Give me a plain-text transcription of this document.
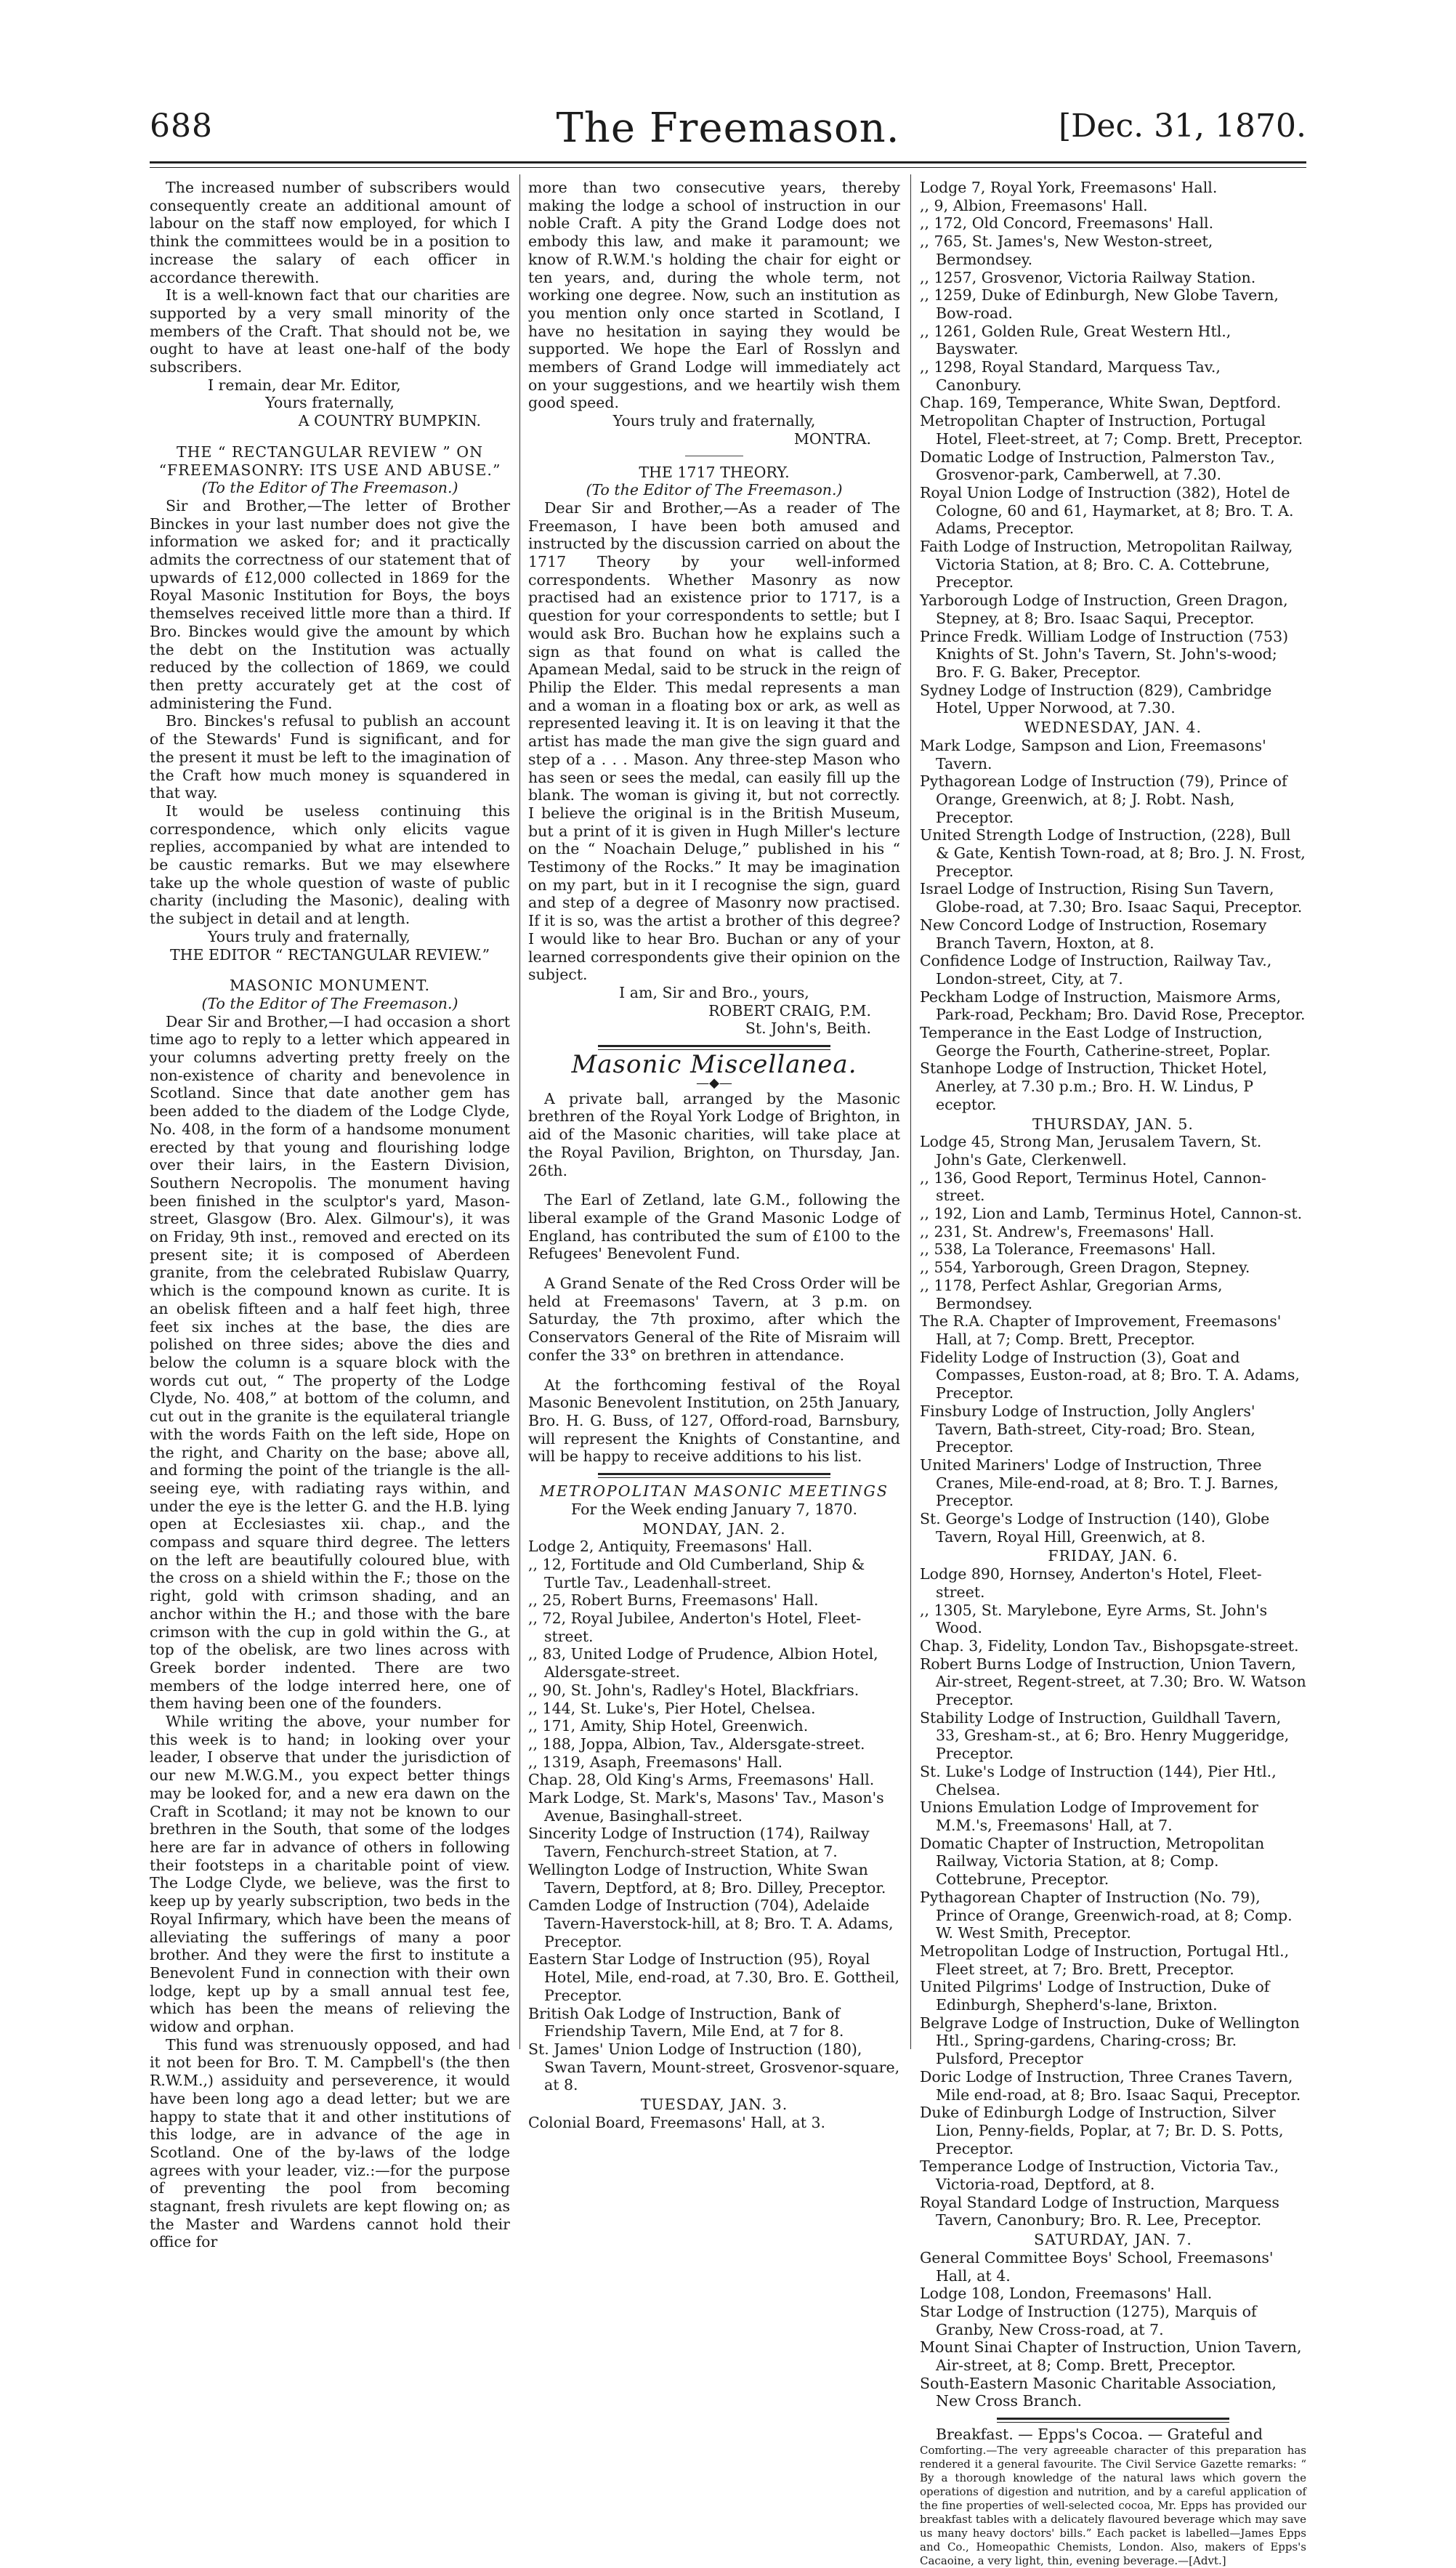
688	The Freemason.	[Dec. 31, 1870.

The increased number of subscribers would consequently create an additional amount of labour on the staff now employed, for which I think the committees would be in a position to increase the salary of each officer in accordance therewith.

It is a well-known fact that our charities are supported by a very small minority of the members of the Craft. That should not be, we ought to have at least one-half of the body subscribers.

I remain, dear Mr. Editor,

Yours fraternally,

A COUNTRY BUMPKIN.

THE “ RECTANGULAR REVIEW ” ON “FREEMASONRY: ITS USE AND ABUSE.”

(To the Editor of The Freemason.)

Sir and Brother,—The letter of Brother Binckes in your last number does not give the information we asked for; and it practically admits the correctness of our statement that of upwards of £12,000 collected in 1869 for the Royal Masonic Institution for Boys, the boys themselves received little more than a third. If Bro. Binckes would give the amount by which the debt on the Institution was actually reduced by the collection of 1869, we could then pretty accurately get at the cost of administering the Fund.

Bro. Binckes's refusal to publish an account of the Stewards' Fund is significant, and for the present it must be left to the imagination of the Craft how much money is squandered in that way.

It would be useless continuing this correspondence, which only elicits vague replies, accompanied by what are intended to be caustic remarks. But we may elsewhere take up the whole question of waste of public charity (including the Masonic), dealing with the subject in detail and at length.

Yours truly and fraternally,

THE EDITOR “ RECTANGULAR REVIEW.”

MASONIC MONUMENT.

(To the Editor of The Freemason.)

Dear Sir and Brother,—I had occasion a short time ago to reply to a letter which appeared in your columns adverting pretty freely on the non-existence of charity and benevolence in Scotland. Since that date another gem has been added to the diadem of the Lodge Clyde, No. 408, in the form of a handsome monument erected by that young and flourishing lodge over their lairs, in the Eastern Division, Southern Necropolis. The monument having been finished in the sculptor's yard, Mason-street, Glasgow (Bro. Alex. Gilmour's), it was on Friday, 9th inst., removed and erected on its present site; it is composed of Aberdeen granite, from the celebrated Rubislaw Quarry, which is the compound known as curite. It is an obelisk fifteen and a half feet high, three feet six inches at the base, the dies are polished on three sides; above the dies and below the column is a square block with the words cut out, “ The property of the Lodge Clyde, No. 408,” at bottom of the column, and cut out in the granite is the equilateral triangle with the words Faith on the left side, Hope on the right, and Charity on the base; above all, and forming the point of the triangle is the all-seeing eye, with radiating rays within, and under the eye is the letter G. and the H.B. lying open at Ecclesiastes xii. chap., and the compass and square third degree. The letters on the left are beautifully coloured blue, with the cross on a shield within the F.; those on the right, gold with crimson shading, and an anchor within the H.; and those with the bare crimson with the cup in gold within the G., at top of the obelisk, are two lines across with Greek border indented. There are two members of the lodge interred here, one of them having been one of the founders.

While writing the above, your number for this week is to hand; in looking over your leader, I observe that under the jurisdiction of our new M.W.G.M., you expect better things may be looked for, and a new era dawn on the Craft in Scotland; it may not be known to our brethren in the South, that some of the lodges here are far in advance of others in following their footsteps in a charitable point of view. The Lodge Clyde, we believe, was the first to keep up by yearly subscription, two beds in the Royal Infirmary, which have been the means of alleviating the sufferings of many a poor brother. And they were the first to institute a Benevolent Fund in connection with their own lodge, kept up by a small annual test fee, which has been the means of relieving the widow and orphan.

This fund was strenuously opposed, and had it not been for Bro. T. M. Campbell's (the then R.W.M.,) assiduity and perseverence, it would have been long ago a dead letter; but we are happy to state that it and other institutions of this lodge, are in advance of the age in Scotland. One of the by-laws of the lodge agrees with your leader, viz.:—for the purpose of preventing the pool from becoming stagnant, fresh rivulets are kept flowing on; as the Master and Wardens cannot hold their office for

more than two consecutive years, thereby making the lodge a school of instruction in our noble Craft. A pity the Grand Lodge does not embody this law, and make it paramount; we know of R.W.M.'s holding the chair for eight or ten years, and, during the whole term, not working one degree. Now, such an institution as you mention only once started in Scotland, I have no hesitation in saying they would be supported. We hope the Earl of Rosslyn and members of Grand Lodge will immediately act on your suggestions, and we heartily wish them good speed.

Yours truly and fraternally,

MONTRA.

THE 1717 THEORY.

(To the Editor of The Freemason.)

Dear Sir and Brother,—As a reader of The Freemason, I have been both amused and instructed by the discussion carried on about the 1717 Theory by your well-informed correspondents. Whether Masonry as now practised had an existence prior to 1717, is a question for your correspondents to settle; but I would ask Bro. Buchan how he explains such a sign as that found on what is called the Apamean Medal, said to be struck in the reign of Philip the Elder. This medal represents a man and a woman in a floating box or ark, as well as represented leaving it. It is on leaving it that the artist has made the man give the sign guard and step of a . . . Mason. Any three-step Mason who has seen or sees the medal, can easily fill up the blank. The woman is giving it, but not correctly. I believe the original is in the British Museum, but a print of it is given in Hugh Miller's lecture on the “ Noachain Deluge,” published in his “ Testimony of the Rocks.” It may be imagination on my part, but in it I recognise the sign, guard and step of a degree of Masonry now practised. If it is so, was the artist a brother of this degree? I would like to hear Bro. Buchan or any of your learned correspondents give their opinion on the subject.

I am, Sir and Bro., yours,

ROBERT CRAIG, P.M.

St. John's, Beith.

Masonic Miscellanea.

—◆—

A private ball, arranged by the Masonic brethren of the Royal York Lodge of Brighton, in aid of the Masonic charities, will take place at the Royal Pavilion, Brighton, on Thursday, Jan. 26th.

The Earl of Zetland, late G.M., following the liberal example of the Grand Masonic Lodge of England, has contributed the sum of £100 to the Refugees' Benevolent Fund.

A Grand Senate of the Red Cross Order will be held at Freemasons' Tavern, at 3 p.m. on Saturday, the 7th proximo, after which the Conservators General of the Rite of Misraim will confer the 33° on brethren in attendance.

At the forthcoming festival of the Royal Masonic Benevolent Institution, on 25th January, Bro. H. G. Buss, of 127, Offord-road, Barnsbury, will represent the Knights of Constantine, and will be happy to receive additions to his list.

METROPOLITAN MASONIC MEETINGS

For the Week ending January 7, 1870.

MONDAY, JAN. 2.

Lodge 2, Antiquity, Freemasons' Hall.

,, 12, Fortitude and Old Cumberland, Ship & Turtle Tav., Leadenhall-street.

,, 25, Robert Burns, Freemasons' Hall.

,, 72, Royal Jubilee, Anderton's Hotel, Fleet-street.

,, 83, United Lodge of Prudence, Albion Hotel, Aldersgate-street.

,, 90, St. John's, Radley's Hotel, Blackfriars.

,, 144, St. Luke's, Pier Hotel, Chelsea.

,, 171, Amity, Ship Hotel, Greenwich.

,, 188, Joppa, Albion, Tav., Aldersgate-street.

,, 1319, Asaph, Freemasons' Hall.

Chap. 28, Old King's Arms, Freemasons' Hall.

Mark Lodge, St. Mark's, Masons' Tav., Mason's Avenue, Basinghall-street.

Sincerity Lodge of Instruction (174), Railway Tavern, Fenchurch-street Station, at 7.

Wellington Lodge of Instruction, White Swan Tavern, Deptford, at 8; Bro. Dilley, Preceptor.

Camden Lodge of Instruction (704), Adelaide Tavern-Haverstock-hill, at 8; Bro. T. A. Adams, Preceptor.

Eastern Star Lodge of Instruction (95), Royal Hotel, Mile, end-road, at 7.30, Bro. E. Gottheil, Preceptor.

British Oak Lodge of Instruction, Bank of Friendship Tavern, Mile End, at 7 for 8.

St. James' Union Lodge of Instruction (180), Swan Tavern, Mount-street, Grosvenor-square, at 8.

TUESDAY, JAN. 3.

Colonial Board, Freemasons' Hall, at 3.

Lodge 7, Royal York, Freemasons' Hall.

,, 9, Albion, Freemasons' Hall.

,, 172, Old Concord, Freemasons' Hall.

,, 765, St. James's, New Weston-street, Bermondsey.

,, 1257, Grosvenor, Victoria Railway Station.

,, 1259, Duke of Edinburgh, New Globe Tavern, Bow-road.

,, 1261, Golden Rule, Great Western Htl., Bayswater.

,, 1298, Royal Standard, Marquess Tav., Canonbury.

Chap. 169, Temperance, White Swan, Deptford.

Metropolitan Chapter of Instruction, Portugal Hotel, Fleet-street, at 7; Comp. Brett, Preceptor.

Domatic Lodge of Instruction, Palmerston Tav., Grosvenor-park, Camberwell, at 7.30.

Royal Union Lodge of Instruction (382), Hotel de Cologne, 60 and 61, Haymarket, at 8; Bro. T. A. Adams, Preceptor.

Faith Lodge of Instruction, Metropolitan Railway, Victoria Station, at 8; Bro. C. A. Cottebrune, Preceptor.

Yarborough Lodge of Instruction, Green Dragon, Stepney, at 8; Bro. Isaac Saqui, Preceptor.

Prince Fredk. William Lodge of Instruction (753) Knights of St. John's Tavern, St. John's-wood; Bro. F. G. Baker, Preceptor.

Sydney Lodge of Instruction (829), Cambridge Hotel, Upper Norwood, at 7.30.

WEDNESDAY, JAN. 4.

Mark Lodge, Sampson and Lion, Freemasons' Tavern.

Pythagorean Lodge of Instruction (79), Prince of Orange, Greenwich, at 8; J. Robt. Nash, Preceptor.

United Strength Lodge of Instruction, (228), Bull & Gate, Kentish Town-road, at 8; Bro. J. N. Frost, Preceptor.

Israel Lodge of Instruction, Rising Sun Tavern, Globe-road, at 7.30; Bro. Isaac Saqui, Preceptor.

New Concord Lodge of Instruction, Rosemary Branch Tavern, Hoxton, at 8.

Confidence Lodge of Instruction, Railway Tav., London-street, City, at 7.

Peckham Lodge of Instruction, Maismore Arms, Park-road, Peckham; Bro. David Rose, Preceptor.

Temperance in the East Lodge of Instruction, George the Fourth, Catherine-street, Poplar.

Stanhope Lodge of Instruction, Thicket Hotel, Anerley, at 7.30 p.m.; Bro. H. W. Lindus, P eceptor.

THURSDAY, JAN. 5.

Lodge 45, Strong Man, Jerusalem Tavern, St. John's Gate, Clerkenwell.

,, 136, Good Report, Terminus Hotel, Cannon-street.

,, 192, Lion and Lamb, Terminus Hotel, Cannon-st.

,, 231, St. Andrew's, Freemasons' Hall.

,, 538, La Tolerance, Freemasons' Hall.

,, 554, Yarborough, Green Dragon, Stepney.

,, 1178, Perfect Ashlar, Gregorian Arms, Bermondsey.

The R.A. Chapter of Improvement, Freemasons' Hall, at 7; Comp. Brett, Preceptor.

Fidelity Lodge of Instruction (3), Goat and Compasses, Euston-road, at 8; Bro. T. A. Adams, Preceptor.

Finsbury Lodge of Instruction, Jolly Anglers' Tavern, Bath-street, City-road; Bro. Stean, Preceptor.

United Mariners' Lodge of Instruction, Three Cranes, Mile-end-road, at 8; Bro. T. J. Barnes, Preceptor.

St. George's Lodge of Instruction (140), Globe Tavern, Royal Hill, Greenwich, at 8.

FRIDAY, JAN. 6.

Lodge 890, Hornsey, Anderton's Hotel, Fleet-street.

,, 1305, St. Marylebone, Eyre Arms, St. John's Wood.

Chap. 3, Fidelity, London Tav., Bishopsgate-street.

Robert Burns Lodge of Instruction, Union Tavern, Air-street, Regent-street, at 7.30; Bro. W. Watson Preceptor.

Stability Lodge of Instruction, Guildhall Tavern, 33, Gresham-st., at 6; Bro. Henry Muggeridge, Preceptor.

St. Luke's Lodge of Instruction (144), Pier Htl., Chelsea.

Unions Emulation Lodge of Improvement for M.M.'s, Freemasons' Hall, at 7.

Domatic Chapter of Instruction, Metropolitan Railway, Victoria Station, at 8; Comp. Cottebrune, Preceptor.

Pythagorean Chapter of Instruction (No. 79), Prince of Orange, Greenwich-road, at 8; Comp. W. West Smith, Preceptor.

Metropolitan Lodge of Instruction, Portugal Htl., Fleet street, at 7; Bro. Brett, Preceptor.

United Pilgrims' Lodge of Instruction, Duke of Edinburgh, Shepherd's-lane, Brixton.

Belgrave Lodge of Instruction, Duke of Wellington Htl., Spring-gardens, Charing-cross; Br. Pulsford, Preceptor

Doric Lodge of Instruction, Three Cranes Tavern, Mile end-road, at 8; Bro. Isaac Saqui, Preceptor.

Duke of Edinburgh Lodge of Instruction, Silver Lion, Penny-fields, Poplar, at 7; Br. D. S. Potts, Preceptor.

Temperance Lodge of Instruction, Victoria Tav., Victoria-road, Deptford, at 8.

Royal Standard Lodge of Instruction, Marquess Tavern, Canonbury; Bro. R. Lee, Preceptor.

SATURDAY, JAN. 7.

General Committee Boys' School, Freemasons' Hall, at 4.

Lodge 108, London, Freemasons' Hall.

Star Lodge of Instruction (1275), Marquis of Granby, New Cross-road, at 7.

Mount Sinai Chapter of Instruction, Union Tavern, Air-street, at 8; Comp. Brett, Preceptor.

South-Eastern Masonic Charitable Association, New Cross Branch.

Breakfast. — Epps's Cocoa. — Grateful and

Comforting.—The very agreeable character of this preparation has rendered it a general favourite. The Civil Service Gazette remarks: “ By a thorough knowledge of the natural laws which govern the operations of digestion and nutrition, and by a careful application of the fine properties of well-selected cocoa, Mr. Epps has provided our breakfast tables with a delicately flavoured beverage which may save us many heavy doctors' bills.” Each packet is labelled—James Epps and Co., Homeopathic Chemists, London. Also, makers of Epps's Cacaoine, a very light, thin, evening beverage.—[Advt.]
